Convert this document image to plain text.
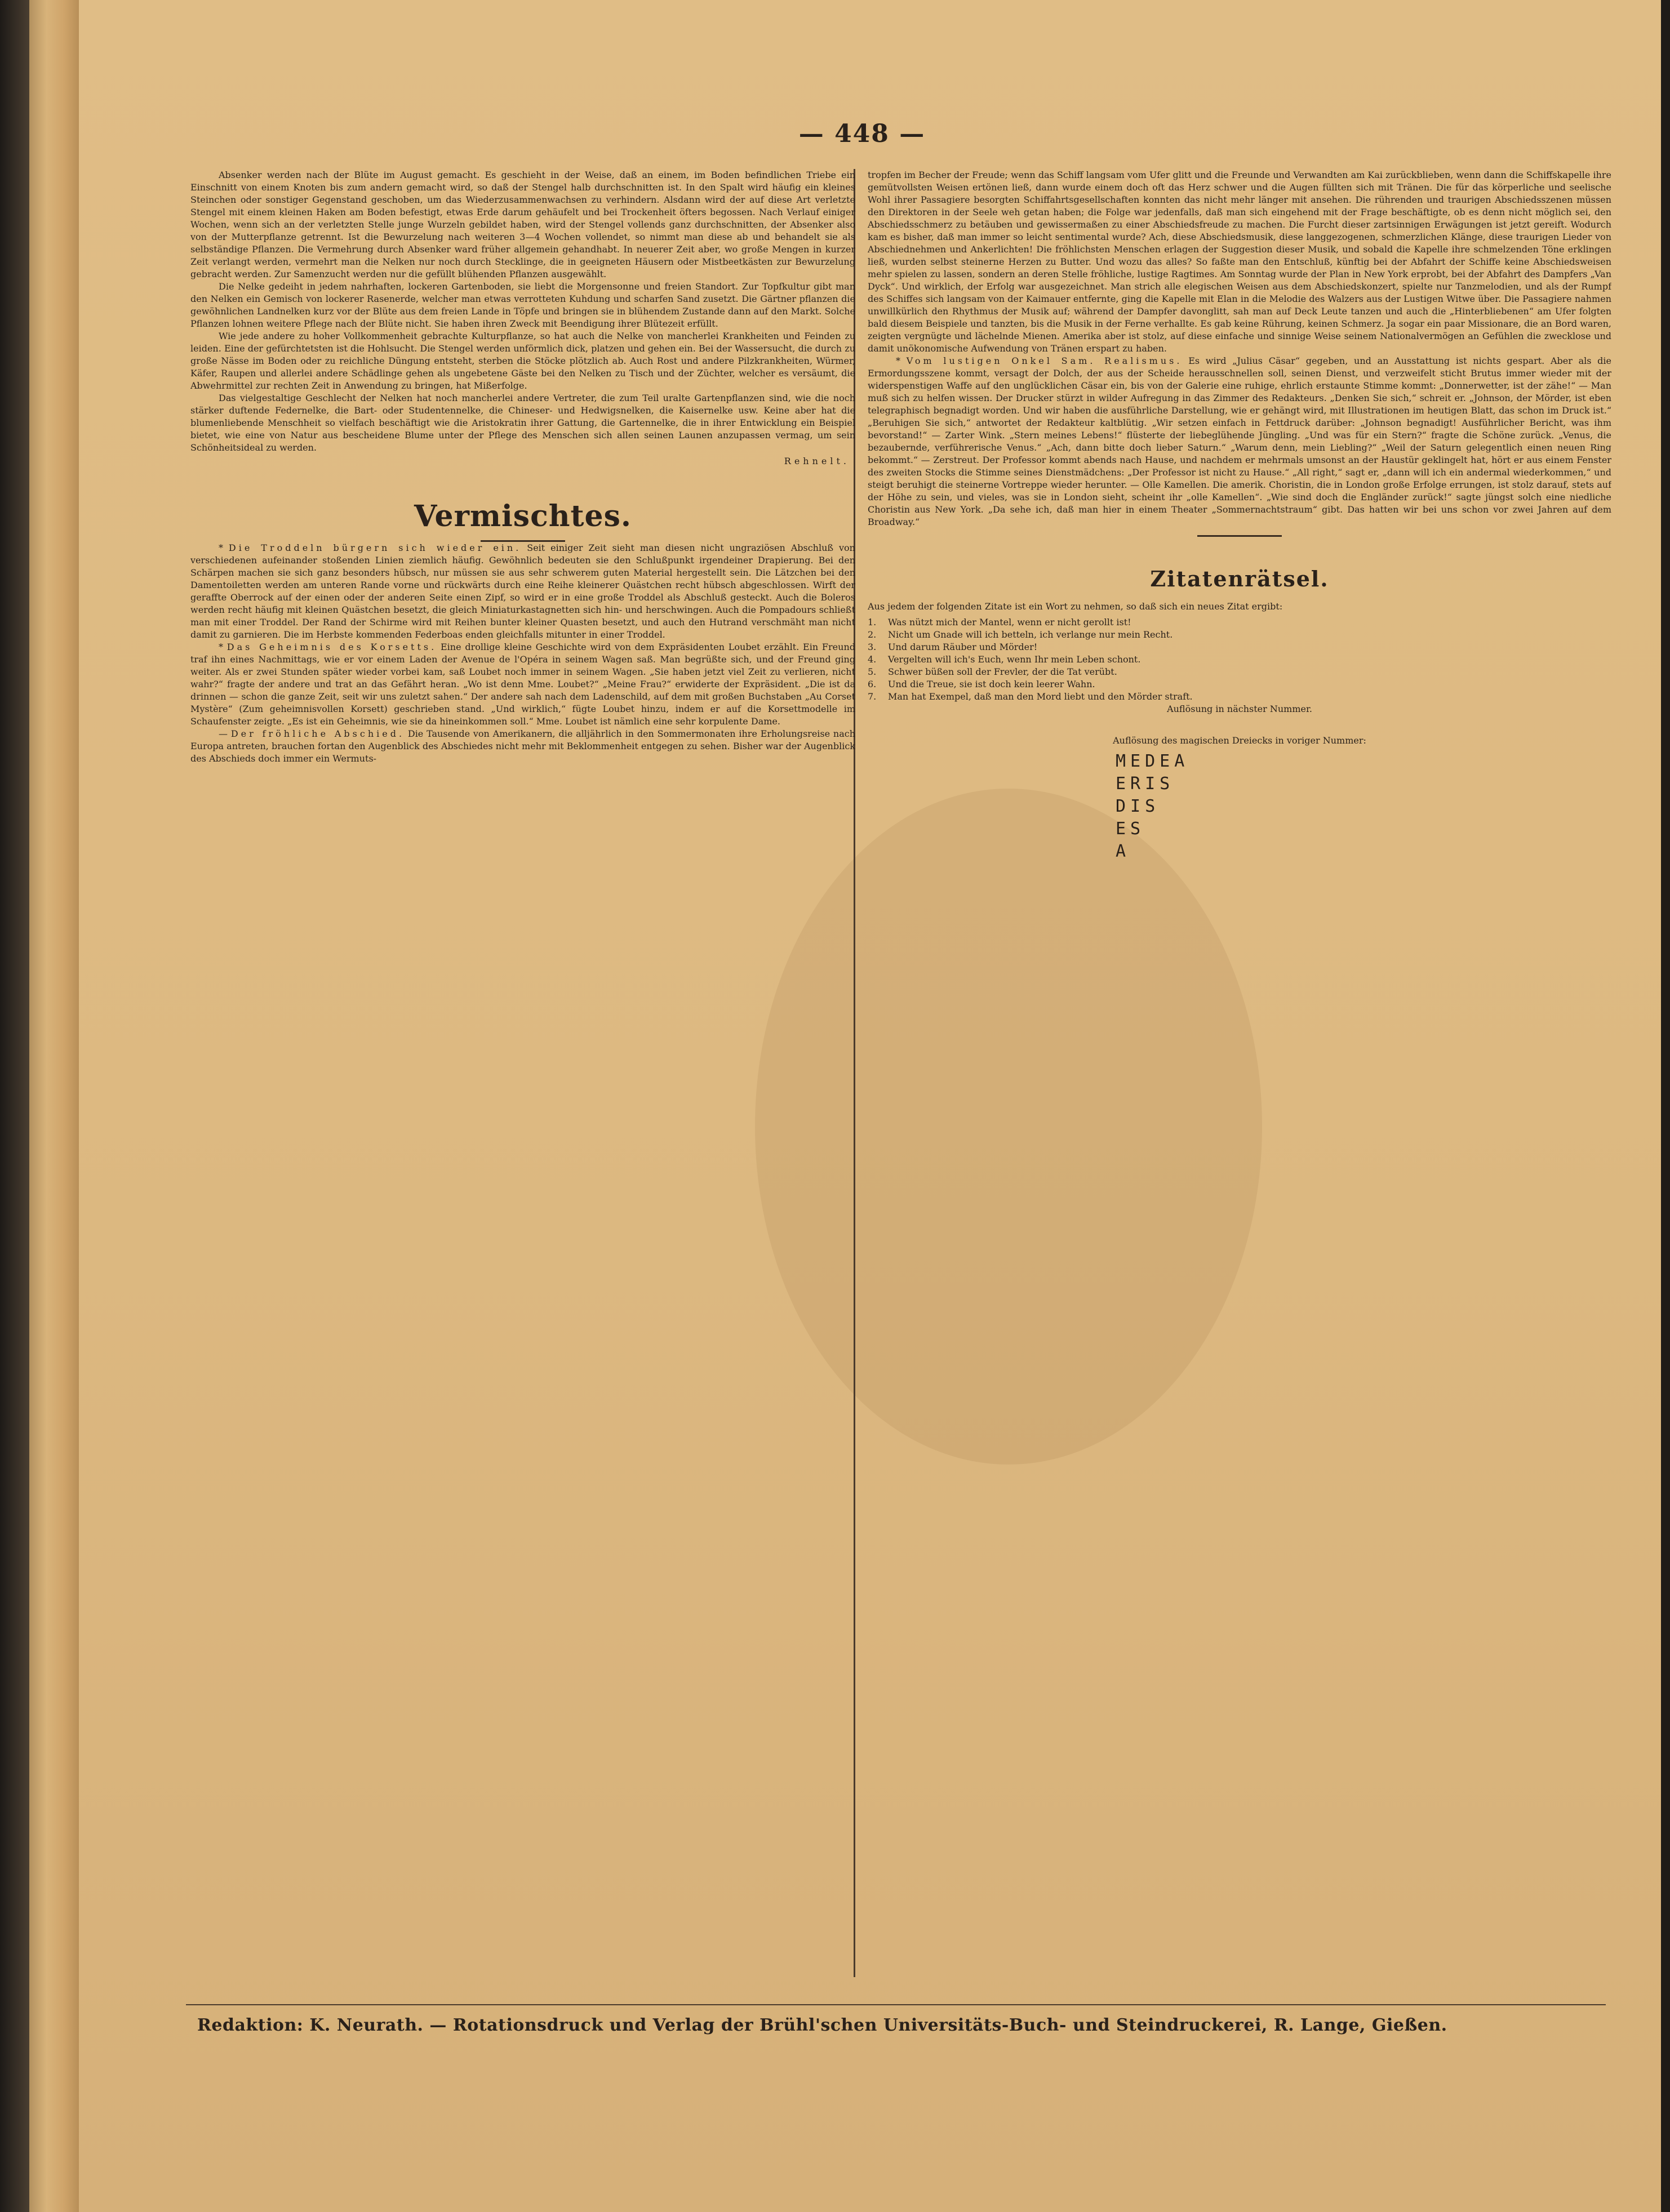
— 448 —

Absenker werden nach der Blüte im August gemacht. Es geschieht in der Weise, daß an einem, im Boden befindlichen Triebe ein Einschnitt von einem Knoten bis zum andern gemacht wird, so daß der Stengel halb durchschnitten ist. In den Spalt wird häufig ein kleines Steinchen oder sonstiger Gegenstand geschoben, um das Wiederzusammenwachsen zu verhindern. Alsdann wird der auf diese Art verletzte Stengel mit einem kleinen Haken am Boden befestigt, etwas Erde darum gehäufelt und bei Trockenheit öfters begossen. Nach Verlauf einiger Wochen, wenn sich an der verletzten Stelle junge Wurzeln gebildet haben, wird der Stengel vollends ganz durchschnitten, der Absenker also von der Mutterpflanze getrennt. Ist die Bewurzelung nach weiteren 3—4 Wochen vollendet, so nimmt man diese ab und behandelt sie als selbständige Pflanzen. Die Vermehrung durch Absenker ward früher allgemein gehandhabt. In neuerer Zeit aber, wo große Mengen in kurzer Zeit verlangt werden, vermehrt man die Nelken nur noch durch Stecklinge, die in geeigneten Häusern oder Mistbeetkästen zur Bewurzelung gebracht werden. Zur Samenzucht werden nur die gefüllt blühenden Pflanzen ausgewählt.

Die Nelke gedeiht in jedem nahrhaften, lockeren Gartenboden, sie liebt die Morgensonne und freien Standort. Zur Topfkultur gibt man den Nelken ein Gemisch von lockerer Rasenerde, welcher man etwas verrotteten Kuhdung und scharfen Sand zusetzt. Die Gärtner pflanzen die gewöhnlichen Landnelken kurz vor der Blüte aus dem freien Lande in Töpfe und bringen sie in blühendem Zustande dann auf den Markt. Solche Pflanzen lohnen weitere Pflege nach der Blüte nicht. Sie haben ihren Zweck mit Beendigung ihrer Blütezeit erfüllt.

Wie jede andere zu hoher Vollkommenheit gebrachte Kulturpflanze, so hat auch die Nelke von mancherlei Krankheiten und Feinden zu leiden. Eine der gefürchtetsten ist die Hohlsucht. Die Stengel werden unförmlich dick, platzen und gehen ein. Bei der Wassersucht, die durch zu große Nässe im Boden oder zu reichliche Düngung entsteht, sterben die Stöcke plötzlich ab. Auch Rost und andere Pilzkrankheiten, Würmer, Käfer, Raupen und allerlei andere Schädlinge gehen als ungebetene Gäste bei den Nelken zu Tisch und der Züchter, welcher es versäumt, die Abwehrmittel zur rechten Zeit in Anwendung zu bringen, hat Mißerfolge.

Das vielgestaltige Geschlecht der Nelken hat noch mancherlei andere Vertreter, die zum Teil uralte Gartenpflanzen sind, wie die noch stärker duftende Federnelke, die Bart- oder Studentennelke, die Chineser- und Hedwigsnelken, die Kaisernelke usw. Keine aber hat die blumenliebende Menschheit so vielfach beschäftigt wie die Aristokratin ihrer Gattung, die Gartennelke, die in ihrer Entwicklung ein Beispiel bietet, wie eine von Natur aus bescheidene Blume unter der Pflege des Menschen sich allen seinen Launen anzupassen vermag, um sein Schönheitsideal zu werden.

Rehnelt.

Vermischtes.

* Die Troddeln bürgern sich wieder ein. Seit einiger Zeit sieht man diesen nicht ungraziösen Abschluß von verschiedenen aufeinander stoßenden Linien ziemlich häufig. Gewöhnlich bedeuten sie den Schlußpunkt irgendeiner Drapierung. Bei den Schärpen machen sie sich ganz besonders hübsch, nur müssen sie aus sehr schwerem guten Material hergestellt sein. Die Lätzchen bei den Damentoiletten werden am unteren Rande vorne und rückwärts durch eine Reihe kleinerer Quästchen recht hübsch abgeschlossen. Wirft der geraffte Oberrock auf der einen oder der anderen Seite einen Zipf, so wird er in eine große Troddel als Abschluß gesteckt. Auch die Boleros werden recht häufig mit kleinen Quästchen besetzt, die gleich Miniaturkastagnetten sich hin- und herschwingen. Auch die Pompadours schließt man mit einer Troddel. Der Rand der Schirme wird mit Reihen bunter kleiner Quasten besetzt, und auch den Hutrand verschmäht man nicht damit zu garnieren. Die im Herbste kommenden Federboas enden gleichfalls mitunter in einer Troddel.

* Das Geheimnis des Korsetts. Eine drollige kleine Geschichte wird von dem Expräsidenten Loubet erzählt. Ein Freund traf ihn eines Nachmittags, wie er vor einem Laden der Avenue de l'Opéra in seinem Wagen saß. Man begrüßte sich, und der Freund ging weiter. Als er zwei Stunden später wieder vorbei kam, saß Loubet noch immer in seinem Wagen. „Sie haben jetzt viel Zeit zu verlieren, nicht wahr?“ fragte der andere und trat an das Gefährt heran. „Wo ist denn Mme. Loubet?“ „Meine Frau?“ erwiderte der Expräsident. „Die ist da drinnen — schon die ganze Zeit, seit wir uns zuletzt sahen.“ Der andere sah nach dem Ladenschild, auf dem mit großen Buchstaben „Au Corset Mystère“ (Zum geheimnisvollen Korsett) geschrieben stand. „Und wirklich,“ fügte Loubet hinzu, indem er auf die Korsettmodelle im Schaufenster zeigte. „Es ist ein Geheimnis, wie sie da hineinkommen soll.“ Mme. Loubet ist nämlich eine sehr korpulente Dame.

— Der fröhliche Abschied. Die Tausende von Amerikanern, die alljährlich in den Sommermonaten ihre Erholungsreise nach Europa antreten, brauchen fortan den Augenblick des Abschiedes nicht mehr mit Beklommenheit entgegen zu sehen. Bisher war der Augenblick des Abschieds doch immer ein Wermuts-

tropfen im Becher der Freude; wenn das Schiff langsam vom Ufer glitt und die Freunde und Verwandten am Kai zurückblieben, wenn dann die Schiffskapelle ihre gemütvollsten Weisen ertönen ließ, dann wurde einem doch oft das Herz schwer und die Augen füllten sich mit Tränen. Die für das körperliche und seelische Wohl ihrer Passagiere besorgten Schiffahrtsgesellschaften konnten das nicht mehr länger mit ansehen. Die rührenden und traurigen Abschiedsszenen müssen den Direktoren in der Seele weh getan haben; die Folge war jedenfalls, daß man sich eingehend mit der Frage beschäftigte, ob es denn nicht möglich sei, den Abschiedsschmerz zu betäuben und gewissermaßen zu einer Abschiedsfreude zu machen. Die Furcht dieser zartsinnigen Erwägungen ist jetzt gereift. Wodurch kam es bisher, daß man immer so leicht sentimental wurde? Ach, diese Abschiedsmusik, diese langgezogenen, schmerzlichen Klänge, diese traurigen Lieder von Abschiednehmen und Ankerlichten! Die fröhlichsten Menschen erlagen der Suggestion dieser Musik, und sobald die Kapelle ihre schmelzenden Töne erklingen ließ, wurden selbst steinerne Herzen zu Butter. Und wozu das alles? So faßte man den Entschluß, künftig bei der Abfahrt der Schiffe keine Abschiedsweisen mehr spielen zu lassen, sondern an deren Stelle fröhliche, lustige Ragtimes. Am Sonntag wurde der Plan in New York erprobt, bei der Abfahrt des Dampfers „Van Dyck“. Und wirklich, der Erfolg war ausgezeichnet. Man strich alle elegischen Weisen aus dem Abschiedskonzert, spielte nur Tanzmelodien, und als der Rumpf des Schiffes sich langsam von der Kaimauer entfernte, ging die Kapelle mit Elan in die Melodie des Walzers aus der Lustigen Witwe über. Die Passagiere nahmen unwillkürlich den Rhythmus der Musik auf; während der Dampfer davonglitt, sah man auf Deck Leute tanzen und auch die „Hinterbliebenen“ am Ufer folgten bald diesem Beispiele und tanzten, bis die Musik in der Ferne verhallte. Es gab keine Rührung, keinen Schmerz. Ja sogar ein paar Missionare, die an Bord waren, zeigten vergnügte und lächelnde Mienen. Amerika aber ist stolz, auf diese einfache und sinnige Weise seinem Nationalvermögen an Gefühlen die zwecklose und damit unökonomische Aufwendung von Tränen erspart zu haben.

* Vom lustigen Onkel Sam. Realismus. Es wird „Julius Cäsar“ gegeben, und an Ausstattung ist nichts gespart. Aber als die Ermordungsszene kommt, versagt der Dolch, der aus der Scheide herausschnellen soll, seinen Dienst, und verzweifelt sticht Brutus immer wieder mit der widerspenstigen Waffe auf den unglücklichen Cäsar ein, bis von der Galerie eine ruhige, ehrlich erstaunte Stimme kommt: „Donnerwetter, ist der zähe!“ — Man muß sich zu helfen wissen. Der Drucker stürzt in wilder Aufregung in das Zimmer des Redakteurs. „Denken Sie sich,“ schreit er. „Johnson, der Mörder, ist eben telegraphisch begnadigt worden. Und wir haben die ausführliche Darstellung, wie er gehängt wird, mit Illustrationen im heutigen Blatt, das schon im Druck ist.“ „Beruhigen Sie sich,“ antwortet der Redakteur kaltblütig. „Wir setzen einfach in Fettdruck darüber: „Johnson begnadigt! Ausführlicher Bericht, was ihm bevorstand!“ — Zarter Wink. „Stern meines Lebens!“ flüsterte der liebeglühende Jüngling. „Und was für ein Stern?“ fragte die Schöne zurück. „Venus, die bezaubernde, verführerische Venus.“ „Ach, dann bitte doch lieber Saturn.“ „Warum denn, mein Liebling?“ „Weil der Saturn gelegentlich einen neuen Ring bekommt.“ — Zerstreut. Der Professor kommt abends nach Hause, und nachdem er mehrmals umsonst an der Haustür geklingelt hat, hört er aus einem Fenster des zweiten Stocks die Stimme seines Dienstmädchens: „Der Professor ist nicht zu Hause.“ „All right,“ sagt er, „dann will ich ein andermal wiederkommen,“ und steigt beruhigt die steinerne Vortreppe wieder herunter. — Olle Kamellen. Die amerik. Choristin, die in London große Erfolge errungen, ist stolz darauf, stets auf der Höhe zu sein, und vieles, was sie in London sieht, scheint ihr „olle Kamellen“. „Wie sind doch die Engländer zurück!“ sagte jüngst solch eine niedliche Choristin aus New York. „Da sehe ich, daß man hier in einem Theater „Sommernachtstraum“ gibt. Das hatten wir bei uns schon vor zwei Jahren auf dem Broadway.“

Zitatenrätsel.

Aus jedem der folgenden Zitate ist ein Wort zu nehmen, so daß sich ein neues Zitat ergibt:

1. Was nützt mich der Mantel, wenn er nicht gerollt ist!
2. Nicht um Gnade will ich betteln, ich verlange nur mein Recht.
3. Und darum Räuber und Mörder!
4. Vergelten will ich's Euch, wenn Ihr mein Leben schont.
5. Schwer büßen soll der Frevler, der die Tat verübt.
6. Und die Treue, sie ist doch kein leerer Wahn.
7. Man hat Exempel, daß man den Mord liebt und den Mörder straft.

Auflösung in nächster Nummer.

Auflösung des magischen Dreiecks in voriger Nummer:

MEDEA
ERIS
DIS
ES
A
Redaktion: K. Neurath. — Rotationsdruck und Verlag der Brühl'schen Universitäts-Buch- und Steindruckerei, R. Lange, Gießen.
